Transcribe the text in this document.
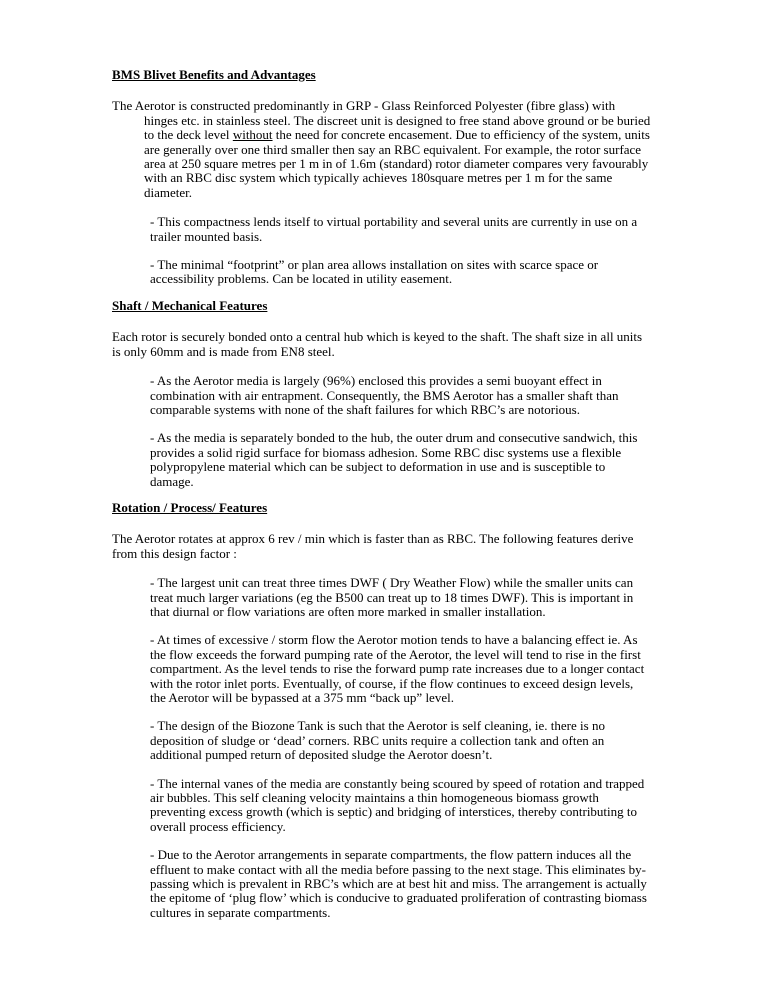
BMS Blivet Benefits and Advantages

The Aerotor is constructed predominantly in GRP - Glass Reinforced Polyester (fibre glass) with hinges etc. in stainless steel. The discreet unit is designed to free stand above ground or be buried to the deck level without the need for concrete encasement. Due to efficiency of the system, units are generally over one third smaller then say an RBC equivalent. For example, the rotor surface area at 250 square metres per 1 m in of 1.6m (standard) rotor diameter compares very favourably with an RBC disc system which typically achieves 180square metres per 1 m for the same diameter.

- This compactness lends itself to virtual portability and several units are currently in use on a trailer mounted basis.

- The minimal “footprint” or plan area allows installation on sites with scarce space or accessibility problems. Can be located in utility easement.

Shaft / Mechanical Features

Each rotor is securely bonded onto a central hub which is keyed to the shaft. The shaft size in all units is only 60mm and is made from EN8 steel.

- As the Aerotor media is largely (96%) enclosed this provides a semi buoyant effect in combination with air entrapment. Consequently, the BMS Aerotor has a smaller shaft than comparable systems with none of the shaft failures for which RBC’s are notorious.

- As the media is separately bonded to the hub, the outer drum and consecutive sandwich, this provides a solid rigid surface for biomass adhesion. Some RBC disc systems use a flexible polypropylene material which can be subject to deformation in use and is susceptible to damage.

Rotation / Process/ Features

The Aerotor rotates at approx 6 rev / min which is faster than as RBC. The following features derive from this design factor :

- The largest unit can treat three times DWF ( Dry Weather Flow) while the smaller units can treat much larger variations (eg the B500 can treat up to 18 times DWF). This is important in that diurnal or flow variations are often more marked in smaller installation.

- At times of excessive / storm flow the Aerotor motion tends to have a balancing effect ie. As the flow exceeds the forward pumping rate of the Aerotor, the level will tend to rise in the first compartment. As the level tends to rise the forward pump rate increases due to a longer contact with the rotor inlet ports. Eventually, of course, if the flow continues to exceed design levels, the Aerotor will be bypassed at a 375 mm “back up” level.

- The design of the Biozone Tank is such that the Aerotor is self cleaning, ie. there is no deposition of sludge or ‘dead’ corners. RBC units require a collection tank and often an additional pumped return of deposited sludge the Aerotor doesn’t.

- The internal vanes of the media are constantly being scoured by speed of rotation and trapped air bubbles. This self cleaning velocity maintains a thin homogeneous biomass growth preventing excess growth (which is septic) and bridging of interstices, thereby contributing to overall process efficiency.

- Due to the Aerotor arrangements in separate compartments, the flow pattern induces all the effluent to make contact with all the media before passing to the next stage. This eliminates by-passing which is prevalent in RBC’s which are at best hit and miss. The arrangement is actually the epitome of ‘plug flow’ which is conducive to graduated proliferation of contrasting biomass cultures in separate compartments.
